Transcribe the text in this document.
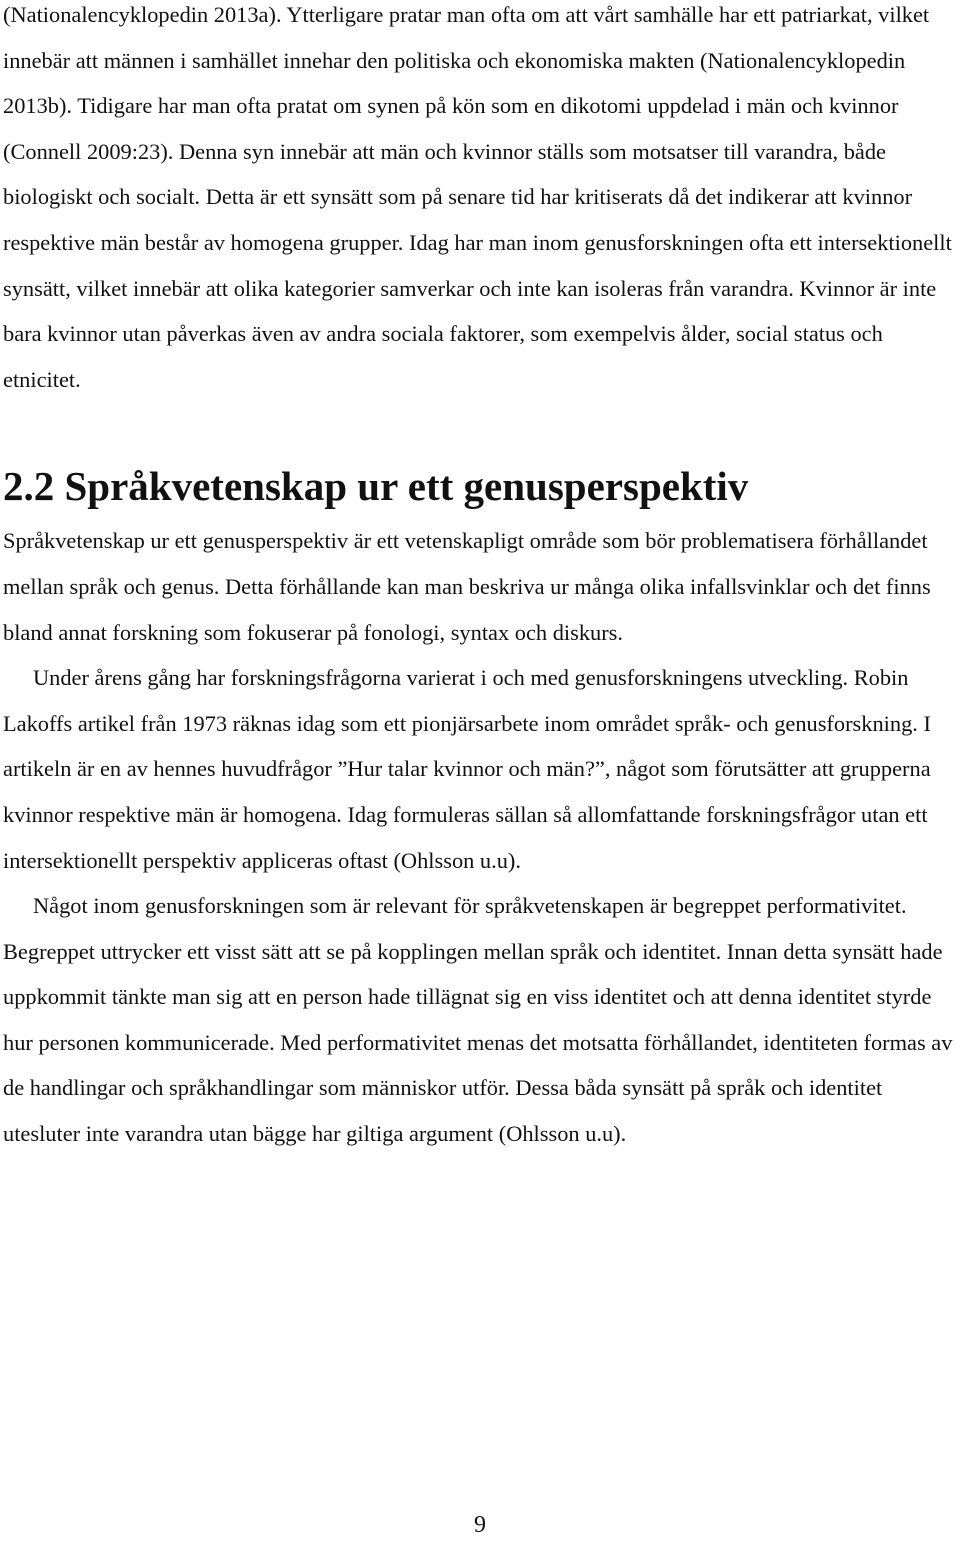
(Nationalencyklopedin 2013a). Ytterligare pratar man ofta om att vårt samhälle har ett patriarkat, vilket innebär att männen i samhället innehar den politiska och ekonomiska makten (Nationalencyklopedin 2013b). Tidigare har man ofta pratat om synen på kön som en dikotomi uppdelad i män och kvinnor (Connell 2009:23). Denna syn innebär att män och kvinnor ställs som motsatser till varandra, både biologiskt och socialt. Detta är ett synsätt som på senare tid har kritiserats då det indikerar att kvinnor respektive män består av homogena grupper. Idag har man inom genusforskningen ofta ett intersektionellt synsätt, vilket innebär att olika kategorier samverkar och inte kan isoleras från varandra. Kvinnor är inte bara kvinnor utan påverkas även av andra sociala faktorer, som exempelvis ålder, social status och etnicitet.

2.2 Språkvetenskap ur ett genusperspektiv

Språkvetenskap ur ett genusperspektiv är ett vetenskapligt område som bör problematisera förhållandet mellan språk och genus. Detta förhållande kan man beskriva ur många olika infallsvinklar och det finns bland annat forskning som fokuserar på fonologi, syntax och diskurs.

Under årens gång har forskningsfrågorna varierat i och med genusforskningens utveckling. Robin Lakoffs artikel från 1973 räknas idag som ett pionjärsarbete inom området språk- och genusforskning. I artikeln är en av hennes huvudfrågor ”Hur talar kvinnor och män?”, något som förutsätter att grupperna kvinnor respektive män är homogena. Idag formuleras sällan så allomfattande forskningsfrågor utan ett intersektionellt perspektiv appliceras oftast (Ohlsson u.u).

Något inom genusforskningen som är relevant för språkvetenskapen är begreppet performativitet. Begreppet uttrycker ett visst sätt att se på kopplingen mellan språk och identitet. Innan detta synsätt hade uppkommit tänkte man sig att en person hade tillägnat sig en viss identitet och att denna identitet styrde hur personen kommunicerade. Med performativitet menas det motsatta förhållandet, identiteten formas av de handlingar och språkhandlingar som människor utför. Dessa båda synsätt på språk och identitet utesluter inte varandra utan bägge har giltiga argument (Ohlsson u.u).

9
